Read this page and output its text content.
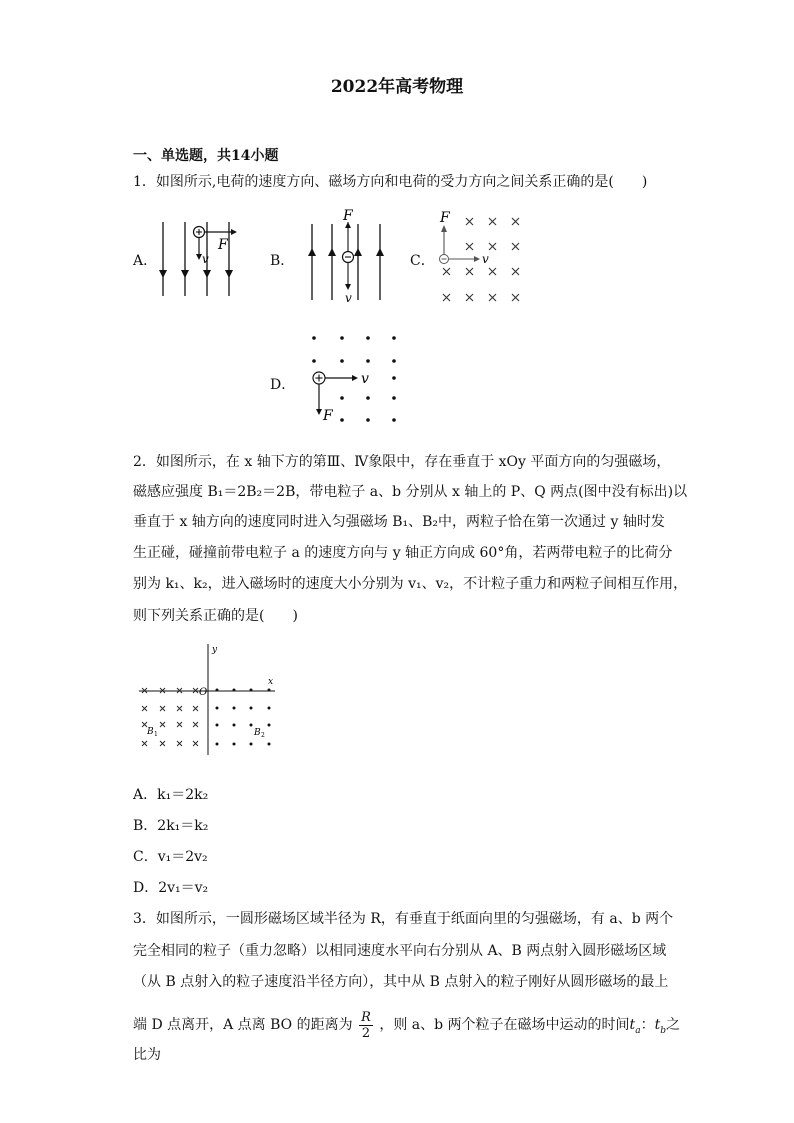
2022年高考物理
一、单选题，共14小题
1．如图所示,电荷的速度方向、磁场方向和电荷的受力方向之间关系正确的是(　　)
A．
F
v	B．
F
v
C．
F
v
D．	v
F
2．如图所示，在 x 轴下方的第Ⅲ、Ⅳ象限中，存在垂直于 xOy 平面方向的匀强磁场，
磁感应强度 B₁＝2B₂＝2B，带电粒子 a、b 分别从 x 轴上的 P、Q 两点(图中没有标出)以
垂直于 x 轴方向的速度同时进入匀强磁场 B₁、B₂中，两粒子恰在第一次通过 y 轴时发
生正碰，碰撞前带电粒子 a 的速度方向与 y 轴正方向成 60°角，若两带电粒子的比荷分
别为 k₁、k₂，进入磁场时的速度大小分别为 v₁、v₂，不计粒子重力和两粒子间相互作用，
则下列关系正确的是(　　)
y
x
O
B 1	B 2
A．k₁＝2k₂
B．2k₁＝k₂
C．v₁＝2v₂
D．2v₁＝v₂
3．如图所示，一圆形磁场区域半径为 R，有垂直于纸面向里的匀强磁场，有 a、b 两个
完全相同的粒子（重力忽略）以相同速度水平向右分别从 A、B 两点射入圆形磁场区域
（从 B 点射入的粒子速度沿半径方向），其中从 B 点射入的粒子刚好从圆形磁场的最上
端 D 点离开，A 点离 BO 的距离为 $\frac{R}{2}$ ，则 a、b 两个粒子在磁场中运动的时间$t_a$：$t_b$之
比为
